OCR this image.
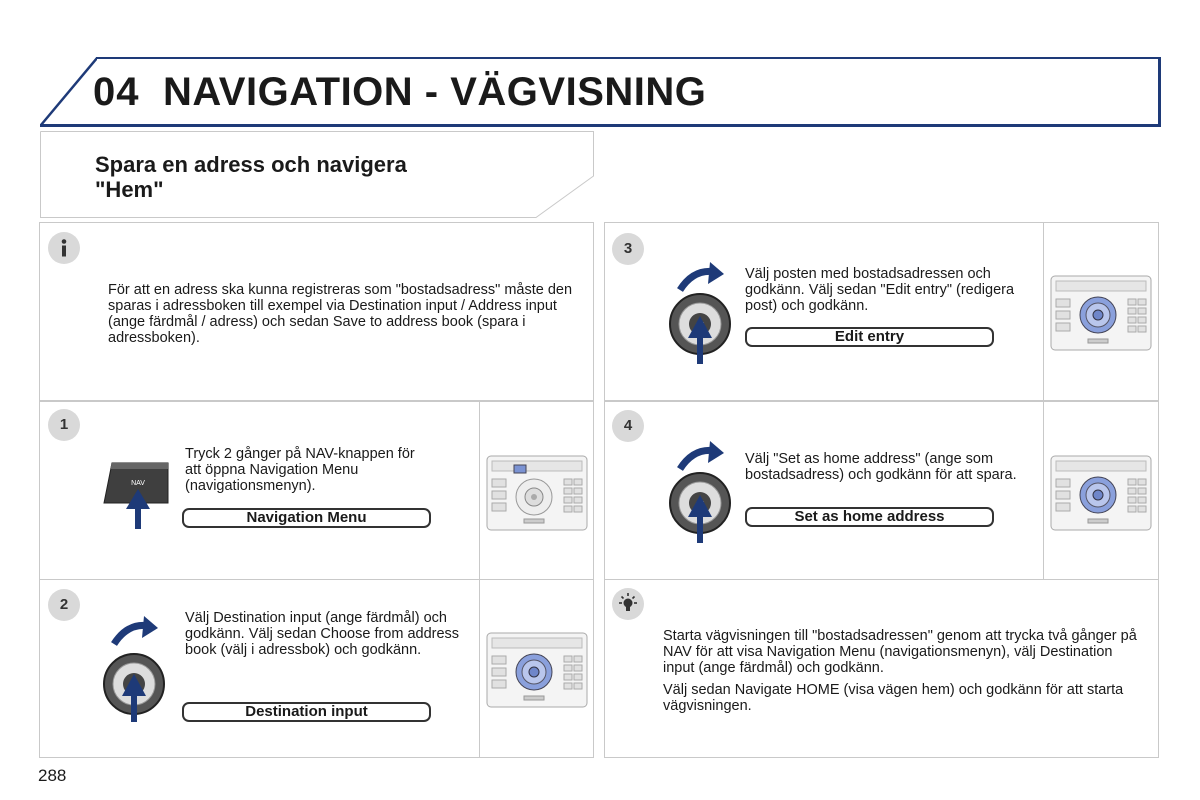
04 NAVIGATION - VÄGVISNING
Spara en adress och navigera
"Hem"
För att en adress ska kunna registreras som "bostadsadress" måste den sparas i adressboken till exempel via Destination input / Address input (ange färdmål / adress) och sedan Save to address book (spara i adressboken).
1
NAV
Tryck 2 gånger på NAV-knappen för att öppna Navigation Menu (navigationsmenyn).
Navigation Menu
2
Välj Destination input (ange färdmål) och godkänn. Välj sedan Choose from address book (välj i adressbok) och godkänn.
Destination input
3
Välj posten med bostadsadressen och godkänn. Välj sedan "Edit entry" (redigera post) och godkänn.
Edit entry
4
Välj "Set as home address" (ange som bostadsadress) och godkänn för att spara.
Set as home address

Starta vägvisningen till "bostadsadressen" genom att trycka två gånger på NAV för att visa Navigation Menu (navigationsmenyn), välj Destination input (ange färdmål) och godkänn.

Välj sedan Navigate HOME (visa vägen hem) och godkänn för att starta vägvisningen.

288
